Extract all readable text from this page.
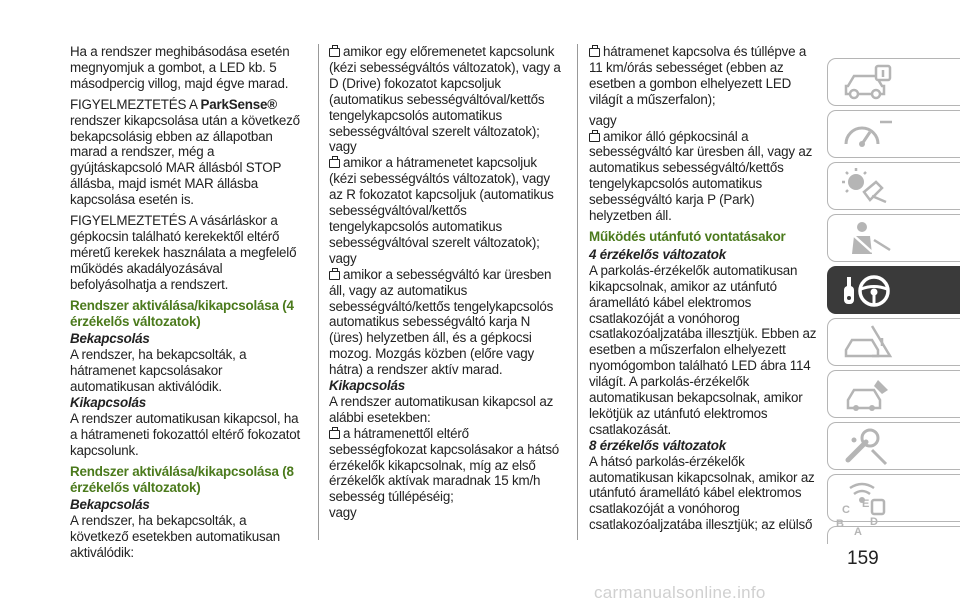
Ha a rendszer meghibásodása esetén megnyomjuk a gombot, a LED kb. 5 másodpercig villog, majd égve marad.

FIGYELMEZTETÉS A ParkSense® rendszer kikapcsolása után a következő bekapcsolásig ebben az állapotban marad a rendszer, még a gyújtáskapcsoló MAR állásból STOP állásba, majd ismét MAR állásba kapcsolása esetén is.

FIGYELMEZTETÉS A vásárláskor a gépkocsin található kerekektől eltérő méretű kerekek használata a megfelelő működés akadályozásával befolyásolhatja a rendszert.

Rendszer aktiválása/kikapcsolása (4 érzékelős változatok)
Bekapcsolás

A rendszer, ha bekapcsolták, a hátramenet kapcsolásakor automatikusan aktiválódik.

Kikapcsolás

A rendszer automatikusan kikapcsol, ha a hátrameneti fokozattól eltérő fokozatot kapcsolunk.

Rendszer aktiválása/kikapcsolása (8 érzékelős változatok)
Bekapcsolás

A rendszer, ha bekapcsolták, a következő esetekben automatikusan aktiválódik:

amikor egy előremenetet kapcsolunk (kézi sebességváltós változatok), vagy a D (Drive) fokozatot kapcsoljuk (automatikus sebességváltóval/kettős tengelykapcsolós automatikus sebességváltóval szerelt változatok);

vagy

amikor a hátramenetet kapcsoljuk (kézi sebességváltós változatok), vagy az R fokozatot kapcsoljuk (automatikus sebességváltóval/kettős tengelykapcsolós automatikus sebességváltóval szerelt változatok);

vagy

amikor a sebességváltó kar üresben áll, vagy az automatikus sebességváltó/kettős tengelykapcsolós automatikus sebességváltó karja N (üres) helyzetben áll, és a gépkocsi mozog. Mozgás közben (előre vagy hátra) a rendszer aktív marad.

Kikapcsolás

A rendszer automatikusan kikapcsol az alábbi esetekben:

a hátramenettől eltérő sebességfokozat kapcsolásakor a hátsó érzékelők kikapcsolnak, míg az első érzékelők aktívak maradnak 15 km/h sebesség túllépéséig;

vagy

hátramenet kapcsolva és túllépve a 11 km/órás sebességet (ebben az esetben a gombon elhelyezett LED világít a műszerfalon);

vagy

amikor álló gépkocsinál a sebességváltó kar üresben áll, vagy az automatikus sebességváltó/kettős tengelykapcsolós automatikus sebességváltó karja P (Park) helyzetben áll.

Működés utánfutó vontatásakor
4 érzékelős változatok

A parkolás-érzékelők automatikusan kikapcsolnak, amikor az utánfutó áramellátó kábel elektromos csatlakozóját a vonóhorog csatlakozóaljzatába illesztjük. Ebben az esetben a műszerfalon elhelyezett nyomógombon található LED ábra 114 világít. A parkolás-érzékelők automatikusan bekapcsolnak, amikor lekötjük az utánfutó elektromos csatlakozását.

8 érzékelős változatok

A hátsó parkolás-érzékelők automatikusan kikapcsolnak, amikor az utánfutó áramellátó kábel elektromos csatlakozóját a vonóhorog csatlakozóaljzatába illesztjük; az elülső

C E
B D
A
159
carmanualsonline.info
